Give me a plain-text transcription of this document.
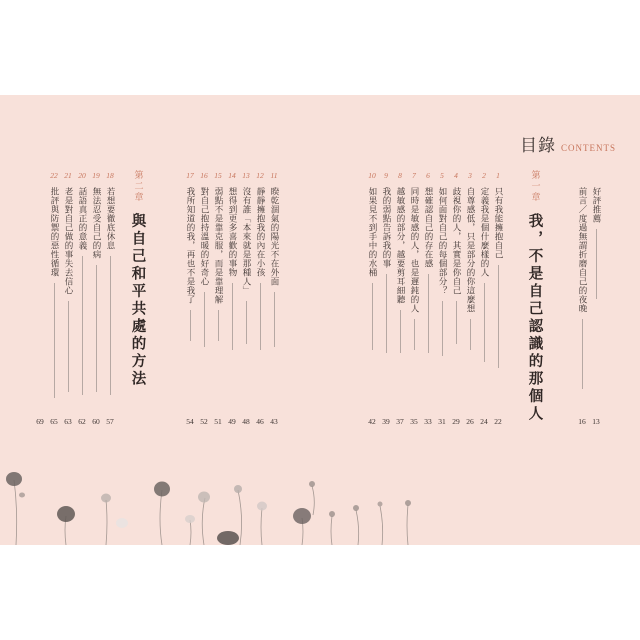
目錄 CONTENTS
好評推薦
13
前言／度過無謂折磨自己的夜晚
16
第一章
我，不是自己認識的那個人
1
只有我能擁抱自己
22
2
定義我是個什麼樣的人
24
3
自尊感低，只是部分的你這麼想
26
4
歧視你的人，其實是你自己
29
5
如何面對自己的每個部分？
31
6
想確認自己的存在感
33
7
同時是敏感的人，也是遲鈍的人
35
8
越敏感的部分，越要剪耳細聽
37
9
我的弱點告訴我的事
39
10
如果見不到手中的水桶
42
11
睽乾涸氣的陽光不在外面
43
12
靜靜擁抱我的內在小孩
46
13
沒有誰「本來就是那種人」
48
14
想得到更多喜歡的事物
49
15
弱點不是靠克服，而是靠理解
51
16
對自己抱持溫暖的好奇心
52
17
我所知道的我，再也不是我了
54
第二章
與自己和平共處的方法
18
若想要徹底休息
57
19
無法忍受自己的病
60
20
話語真正的意義
62
21
老是對自己做的事失去信心
63
22
批評與防禦的惡性循環
65
69
